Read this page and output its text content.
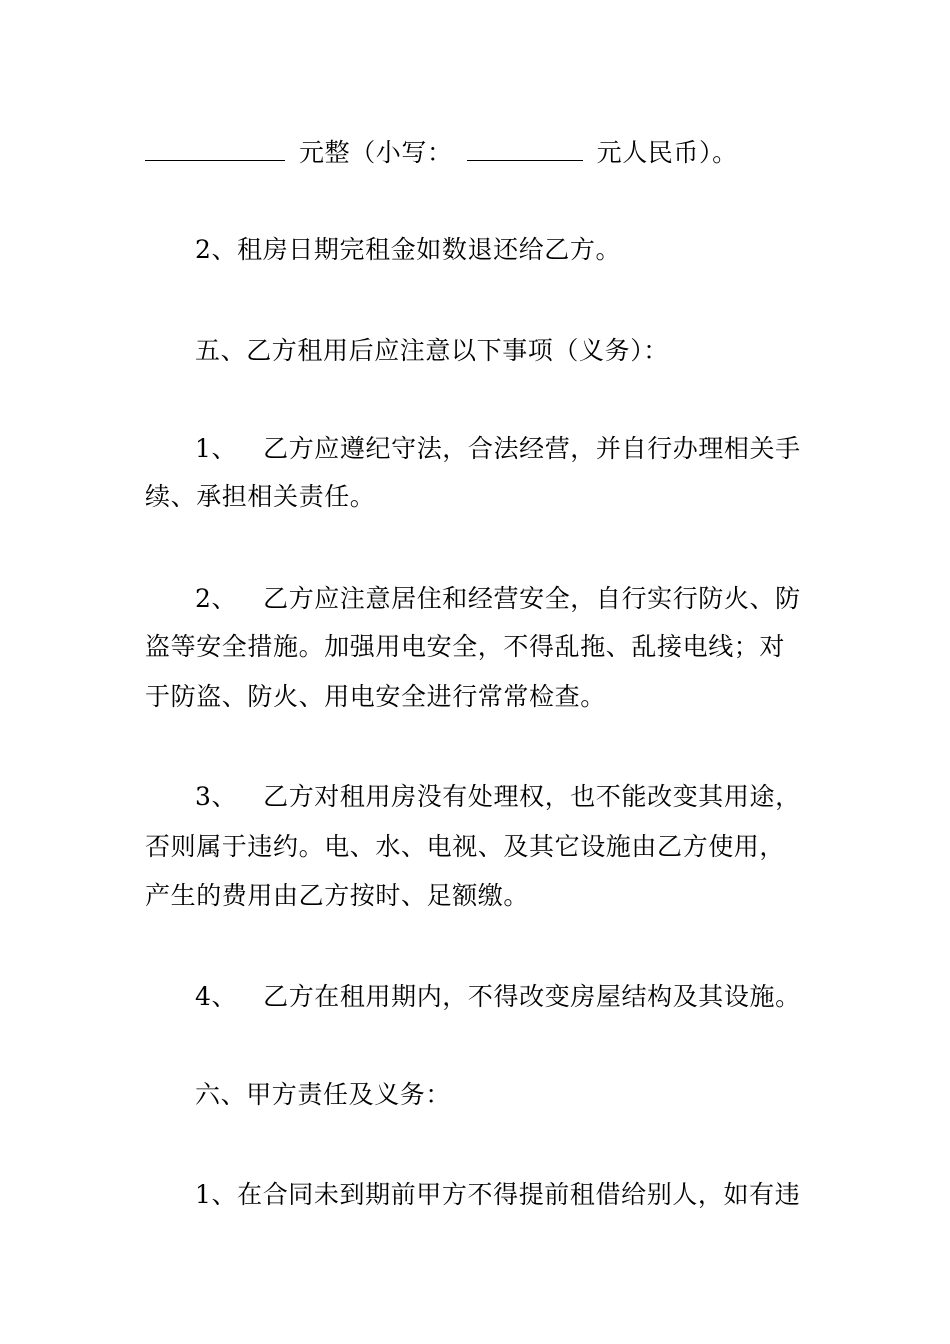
元整（小写：	元人民币）。
2、租房日期完租金如数退还给乙方。
五、乙方租用后应注意以下事项（义务）：
1、 乙方应遵纪守法，合法经营，并自行办理相关手
续、承担相关责任。
2、 乙方应注意居住和经营安全，自行实行防火、防
盗等安全措施。加强用电安全，不得乱拖、乱接电线；对
于防盗、防火、用电安全进行常常检查。
3、 乙方对租用房没有处理权，也不能改变其用途，
否则属于违约。电、水、电视、及其它设施由乙方使用，
产生的费用由乙方按时、足额缴。
4、 乙方在租用期内，不得改变房屋结构及其设施。
六、甲方责任及义务：
1、在合同未到期前甲方不得提前租借给别人，如有违
